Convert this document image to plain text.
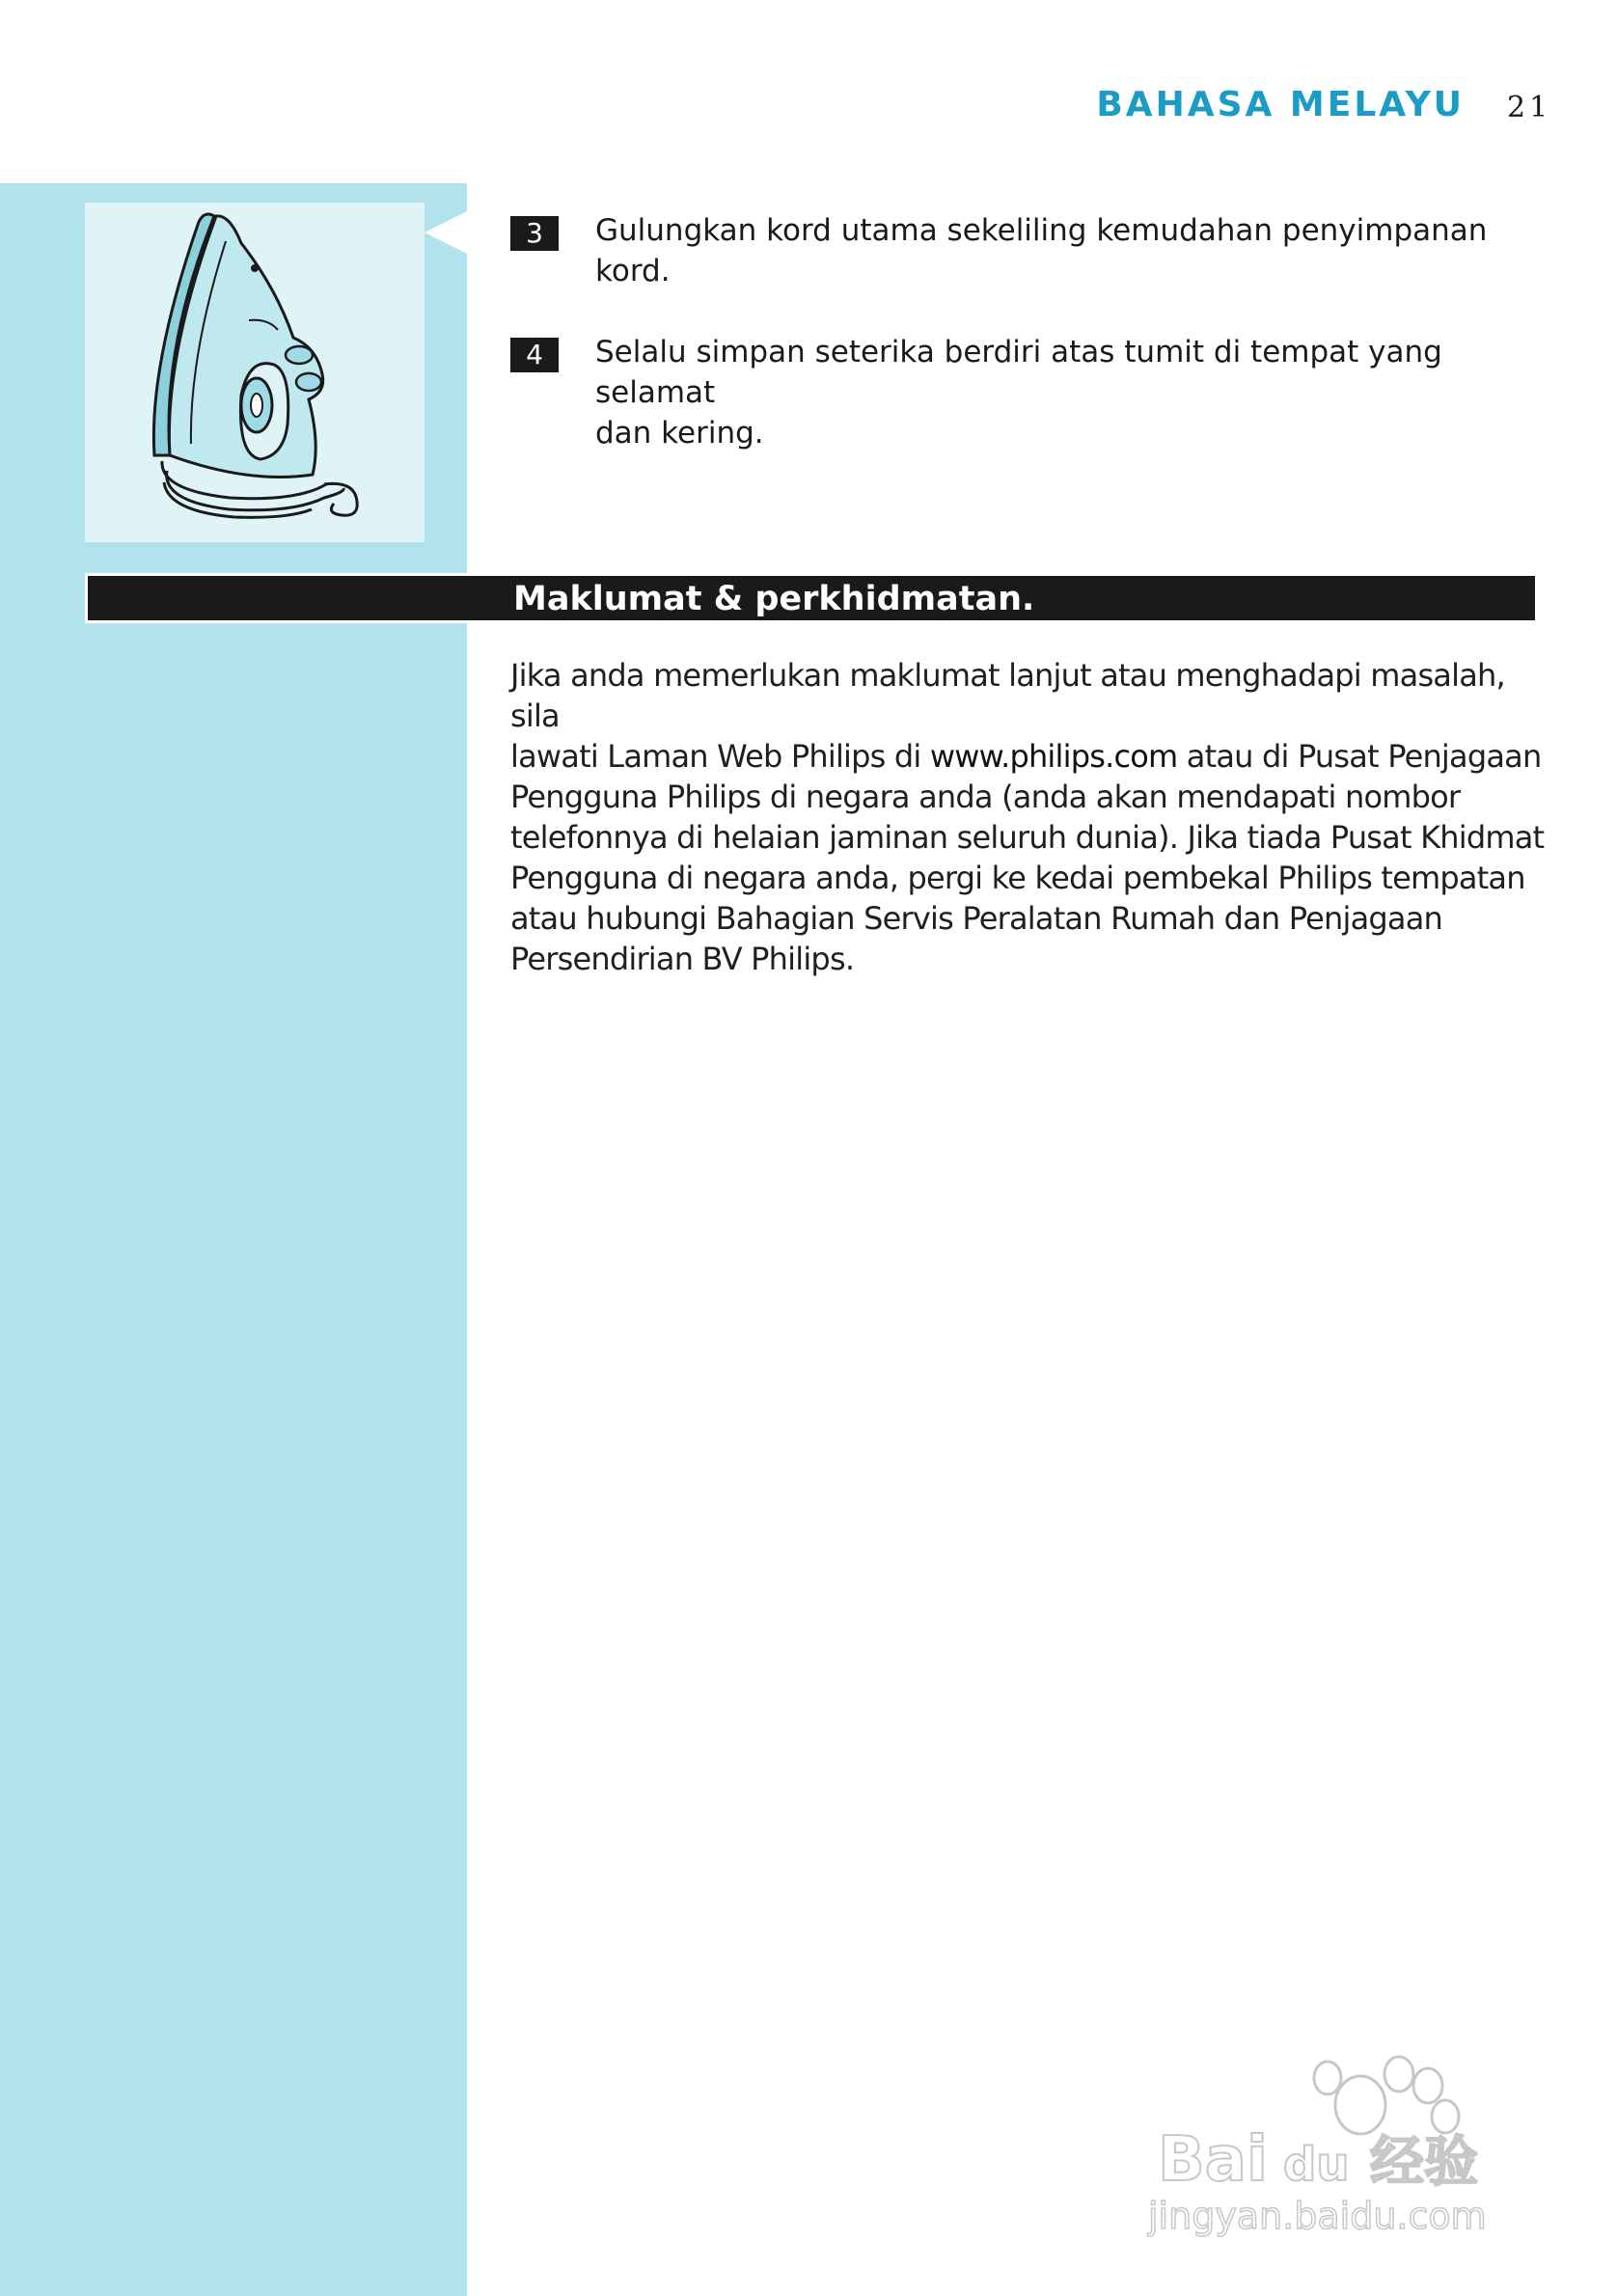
BAHASA MELAYU 21
3	Gulungkan kord utama sekeliling kemudahan penyimpanan
kord.
4	Selalu simpan seterika berdiri atas tumit di tempat yang selamat
dan kering.
Maklumat & perkhidmatan.
Jika anda memerlukan maklumat lanjut atau menghadapi masalah, sila
lawati Laman Web Philips di www.philips.com atau di Pusat Penjagaan
Pengguna Philips di negara anda (anda akan mendapati nombor
telefonnya di helaian jaminan seluruh dunia). Jika tiada Pusat Khidmat
Pengguna di negara anda, pergi ke kedai pembekal Philips tempatan
atau hubungi Bahagian Servis Peralatan Rumah dan Penjagaan
Persendirian BV Philips.
Bai du 经验
jingyan.baidu.com
